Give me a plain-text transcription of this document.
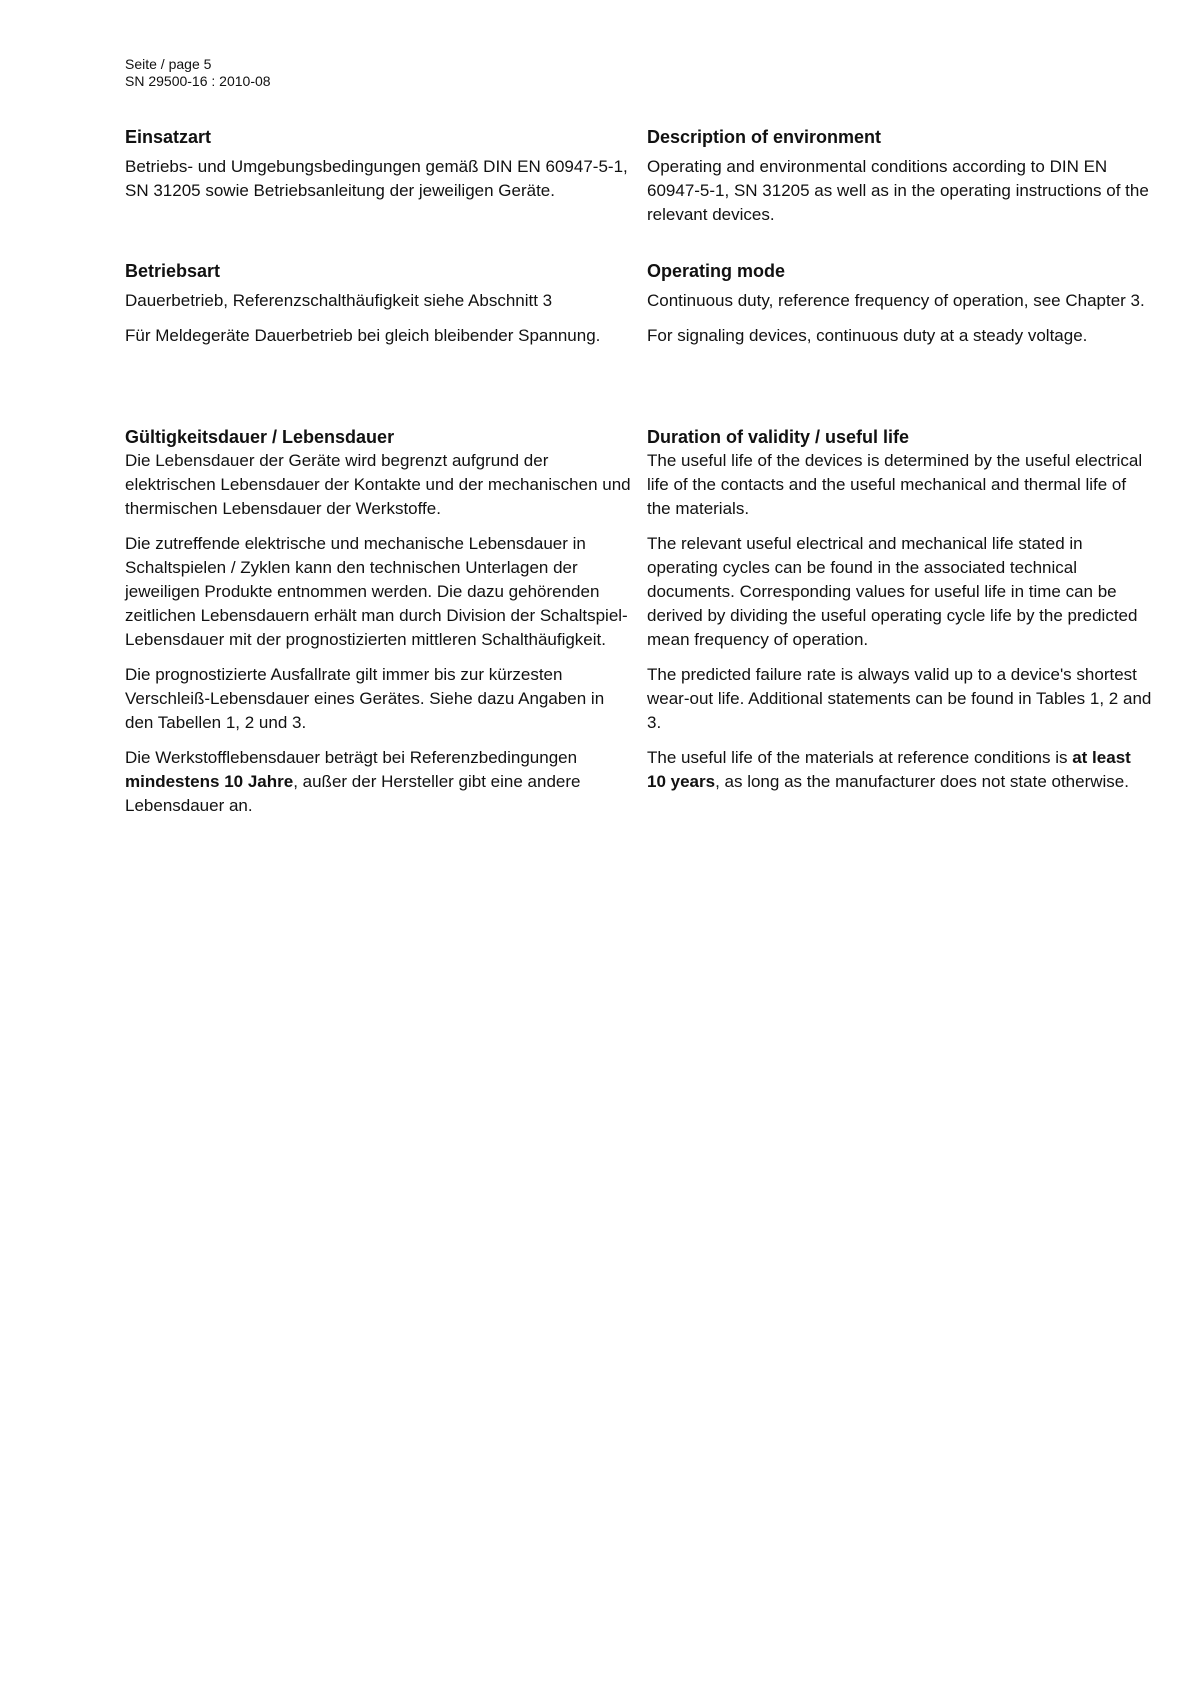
Seite / page 5
SN 29500-16 : 2010-08
Einsatzart

Betriebs- und Umgebungsbedingungen gemäß DIN EN 60947-5-1, SN 31205 sowie Betriebsanleitung der jeweiligen Geräte.

Betriebsart

Dauerbetrieb, Referenzschalthäufigkeit siehe Abschnitt 3

Für Meldegeräte Dauerbetrieb bei gleich bleibender Spannung.

Gültigkeitsdauer / Lebensdauer

Die Lebensdauer der Geräte wird begrenzt aufgrund der elektrischen Lebensdauer der Kontakte und der mechanischen und thermischen Lebensdauer der Werkstoffe.

Die zutreffende elektrische und mechanische Lebensdauer in Schaltspielen / Zyklen kann den technischen Unterlagen der jeweiligen Produkte entnommen werden. Die dazu gehörenden zeitlichen Lebensdauern erhält man durch Division der Schaltspiel-Lebensdauer mit der prognostizierten mittleren Schalthäufigkeit.

Die prognostizierte Ausfallrate gilt immer bis zur kürzesten Verschleiß-Lebensdauer eines Gerätes. Siehe dazu Angaben in den Tabellen 1, 2 und 3.

Die Werkstofflebensdauer beträgt bei Referenzbedingungen mindestens 10 Jahre, außer der Hersteller gibt eine andere Lebensdauer an.

Description of environment

Operating and environmental conditions according to DIN EN 60947-5-1, SN 31205 as well as in the operating instructions of the relevant devices.

Operating mode

Continuous duty, reference frequency of operation, see Chapter 3.

For signaling devices, continuous duty at a steady voltage.

Duration of validity / useful life

The useful life of the devices is determined by the useful electrical life of the contacts and the useful mechanical and thermal life of the materials.

The relevant useful electrical and mechanical life stated in operating cycles can be found in the associated technical documents. Corresponding values for useful life in time can be derived by dividing the useful operating cycle life by the predicted mean frequency of operation.

The predicted failure rate is always valid up to a device's shortest wear-out life. Additional statements can be found in Tables 1, 2 and 3.

The useful life of the materials at reference conditions is at least 10 years, as long as the manufacturer does not state otherwise.
